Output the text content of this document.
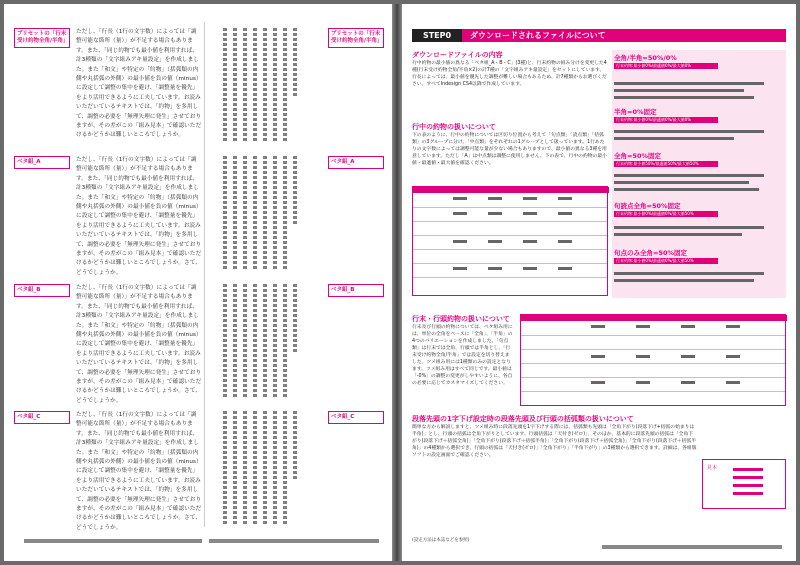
プリセットの「行末受け約物全角/半角」
ただし、「行長（1行の文字数）によっては「調整可能な箇所（量）」が不足する場合もあります。また、「同じ約物でも最小値を利用すれば、計3種類の「文字組みアキ量設定」を作成しました。また「和文」や特定の「約物」（括弧類の内側や丸括弧の外側）の最小値を負の値（minus）に設定して調整の集中を避け、「調整量を優先」をより活用できるように工夫しています。お読みいただいているテキストでは、「約物」を多用して、調整の必要を「無理矢理に発生」させておりますが、その差がこの「組み見本」で確認いただけるかどうかは難しいところでしょうか。
プリセットの「行末受け約物全角/半角」
ベタ組_A	ただし、「行長（1行の文字数）によっては「調整可能な箇所（量）」が不足する場合もあります。また、「同じ約物でも最小値を利用すれば、計3種類の「文字組みアキ量設定」を作成しました。また「和文」や特定の「約物」（括弧類の内側や丸括弧の外側）の最小値を負の値（minus）に設定して調整の集中を避け、「調整量を優先」をより活用できるように工夫しています。お読みいただいているテキストでは、「約物」を多用して、調整の必要を「無理矢理に発生」させておりますが、その差がこの「組み見本」で確認いただけるかどうかは難しいところでしょうか。さて、どうでしょうか。
ベタ組_A
ベタ組_B	ただし、「行長（1行の文字数）によっては「調整可能な箇所（量）」が不足する場合もあります。また、「同じ約物でも最小値を利用すれば、計3種類の「文字組みアキ量設定」を作成しました。また「和文」や特定の「約物」（括弧類の内側や丸括弧の外側）の最小値を負の値（minus）に設定して調整の集中を避け、「調整量を優先」をより活用できるように工夫しています。お読みいただいているテキストでは、「約物」を多用して、調整の必要を「無理矢理に発生」させておりますが、その差がこの「組み見本」で確認いただけるかどうかは難しいところでしょうか。さて、どうでしょうか。
ベタ組_B
ベタ組_C	ただし、「行長（1行の文字数）によっては「調整可能な箇所（量）」が不足する場合もあります。また、「同じ約物でも最小値を利用すれば、計3種類の「文字組みアキ量設定」を作成しました。また「和文」や特定の「約物」（括弧類の内側や丸括弧の外側）の最小値を負の値（minus）に設定して調整の集中を避け、「調整量を優先」をより活用できるように工夫しています。お読みいただいているテキストでは、「約物」を多用して、調整の必要を「無理矢理に発生」させておりますが、その差がこの「組み見本」で確認いただけるかどうかは難しいところでしょうか。さて、どうでしょうか。
ベタ組_C
STEP0	ダウンロードされるファイルについて
ダウンロードファイルの内容
行中約物の最小値の異なる「ベタ組_A・B・C」(3種)と、行末約物の組み分けを変更した4種(行末受け約物全角/半角×2)の計7種の「文字組みアキ量設定」をセットにしています。行長によっては、最小値を優先した調整が難しい場合もあるため、計7種類からお選びください。すべてIndesign CS4以降で作成しています。
行中の約物の扱いについて
下の表のように、行中の約物については区切り位置から考えて「句点類」「読点類」「括弧類」の3グループに分け、「中点類」をそれぞれの1グループとして扱っています。1行あたりの文字数によっては調整可能な量が少ない場合もありますので、最小値の異なる3種を用意しています。ただし「A」は中点類は調整に使用しません。下の表で、行中の約物の最小値・最適値・最大値を確認ください。
全角/半角=50%/0%
行末約物:最小値0%/最適値0%/最大値0%
半角=0%固定
行末約物:最小値0%/最適値0%/最大値0%
全角=50%固定
行末約物:最小値50%/最適値50%/最大値50%
句読点全角=50%固定
行末約物:最小値0%/最適値0%/最大値50%
句点のみ全角=50%固定
行末約物:最小値0%/最適値0%/最大値50%
行末・行頭約物の扱いについて
行末及び行頭の約物については、ベタ組み用には、単位の全角をベースに「全角」、「半角」の4つのバリエーションを作成しました。「句点類」は行末では全角、行頭では半角とし、「行末受け約物全角/半角」では設定を切り替えました。ツメ組み用には1種類のみの設定となります。ツメ組み用はすべて同じです。最小値は「-0%」の調整の変更がしやすいように、各自の必要に応じてカスタマイズしてください。
段落先頭の1字下げ設定時の段落先頭及び行頭の括弧類の扱いについて
簡単な方から解説しますと、ツメ組み時に段落先頭を1字下げする際には、括弧類も先頭は「全角下がり(段落下げ+括弧の始まりは半角)」とし、行頭の括弧は全角下がりとしています。行頭括弧は「天付き(ゼロ)」、そのほか、基本的に段落先頭の括弧は「全角下がり(段落下げ＋括弧全角)」「全角下がり(段落下げ＋括弧半角)」「全角下がり(段落下げ＋括弧全角)」「全角下がり(段落下げ＋括弧半角)」の4種類から選択でき、行頭の括弧は「天付き(ゼロ)」「全角下がり」「半角下がり」の3種類から選択できます。詳細は、各組版ソフトの設定画面でご確認ください。
見本
(設定方法は本誌などを参照)
